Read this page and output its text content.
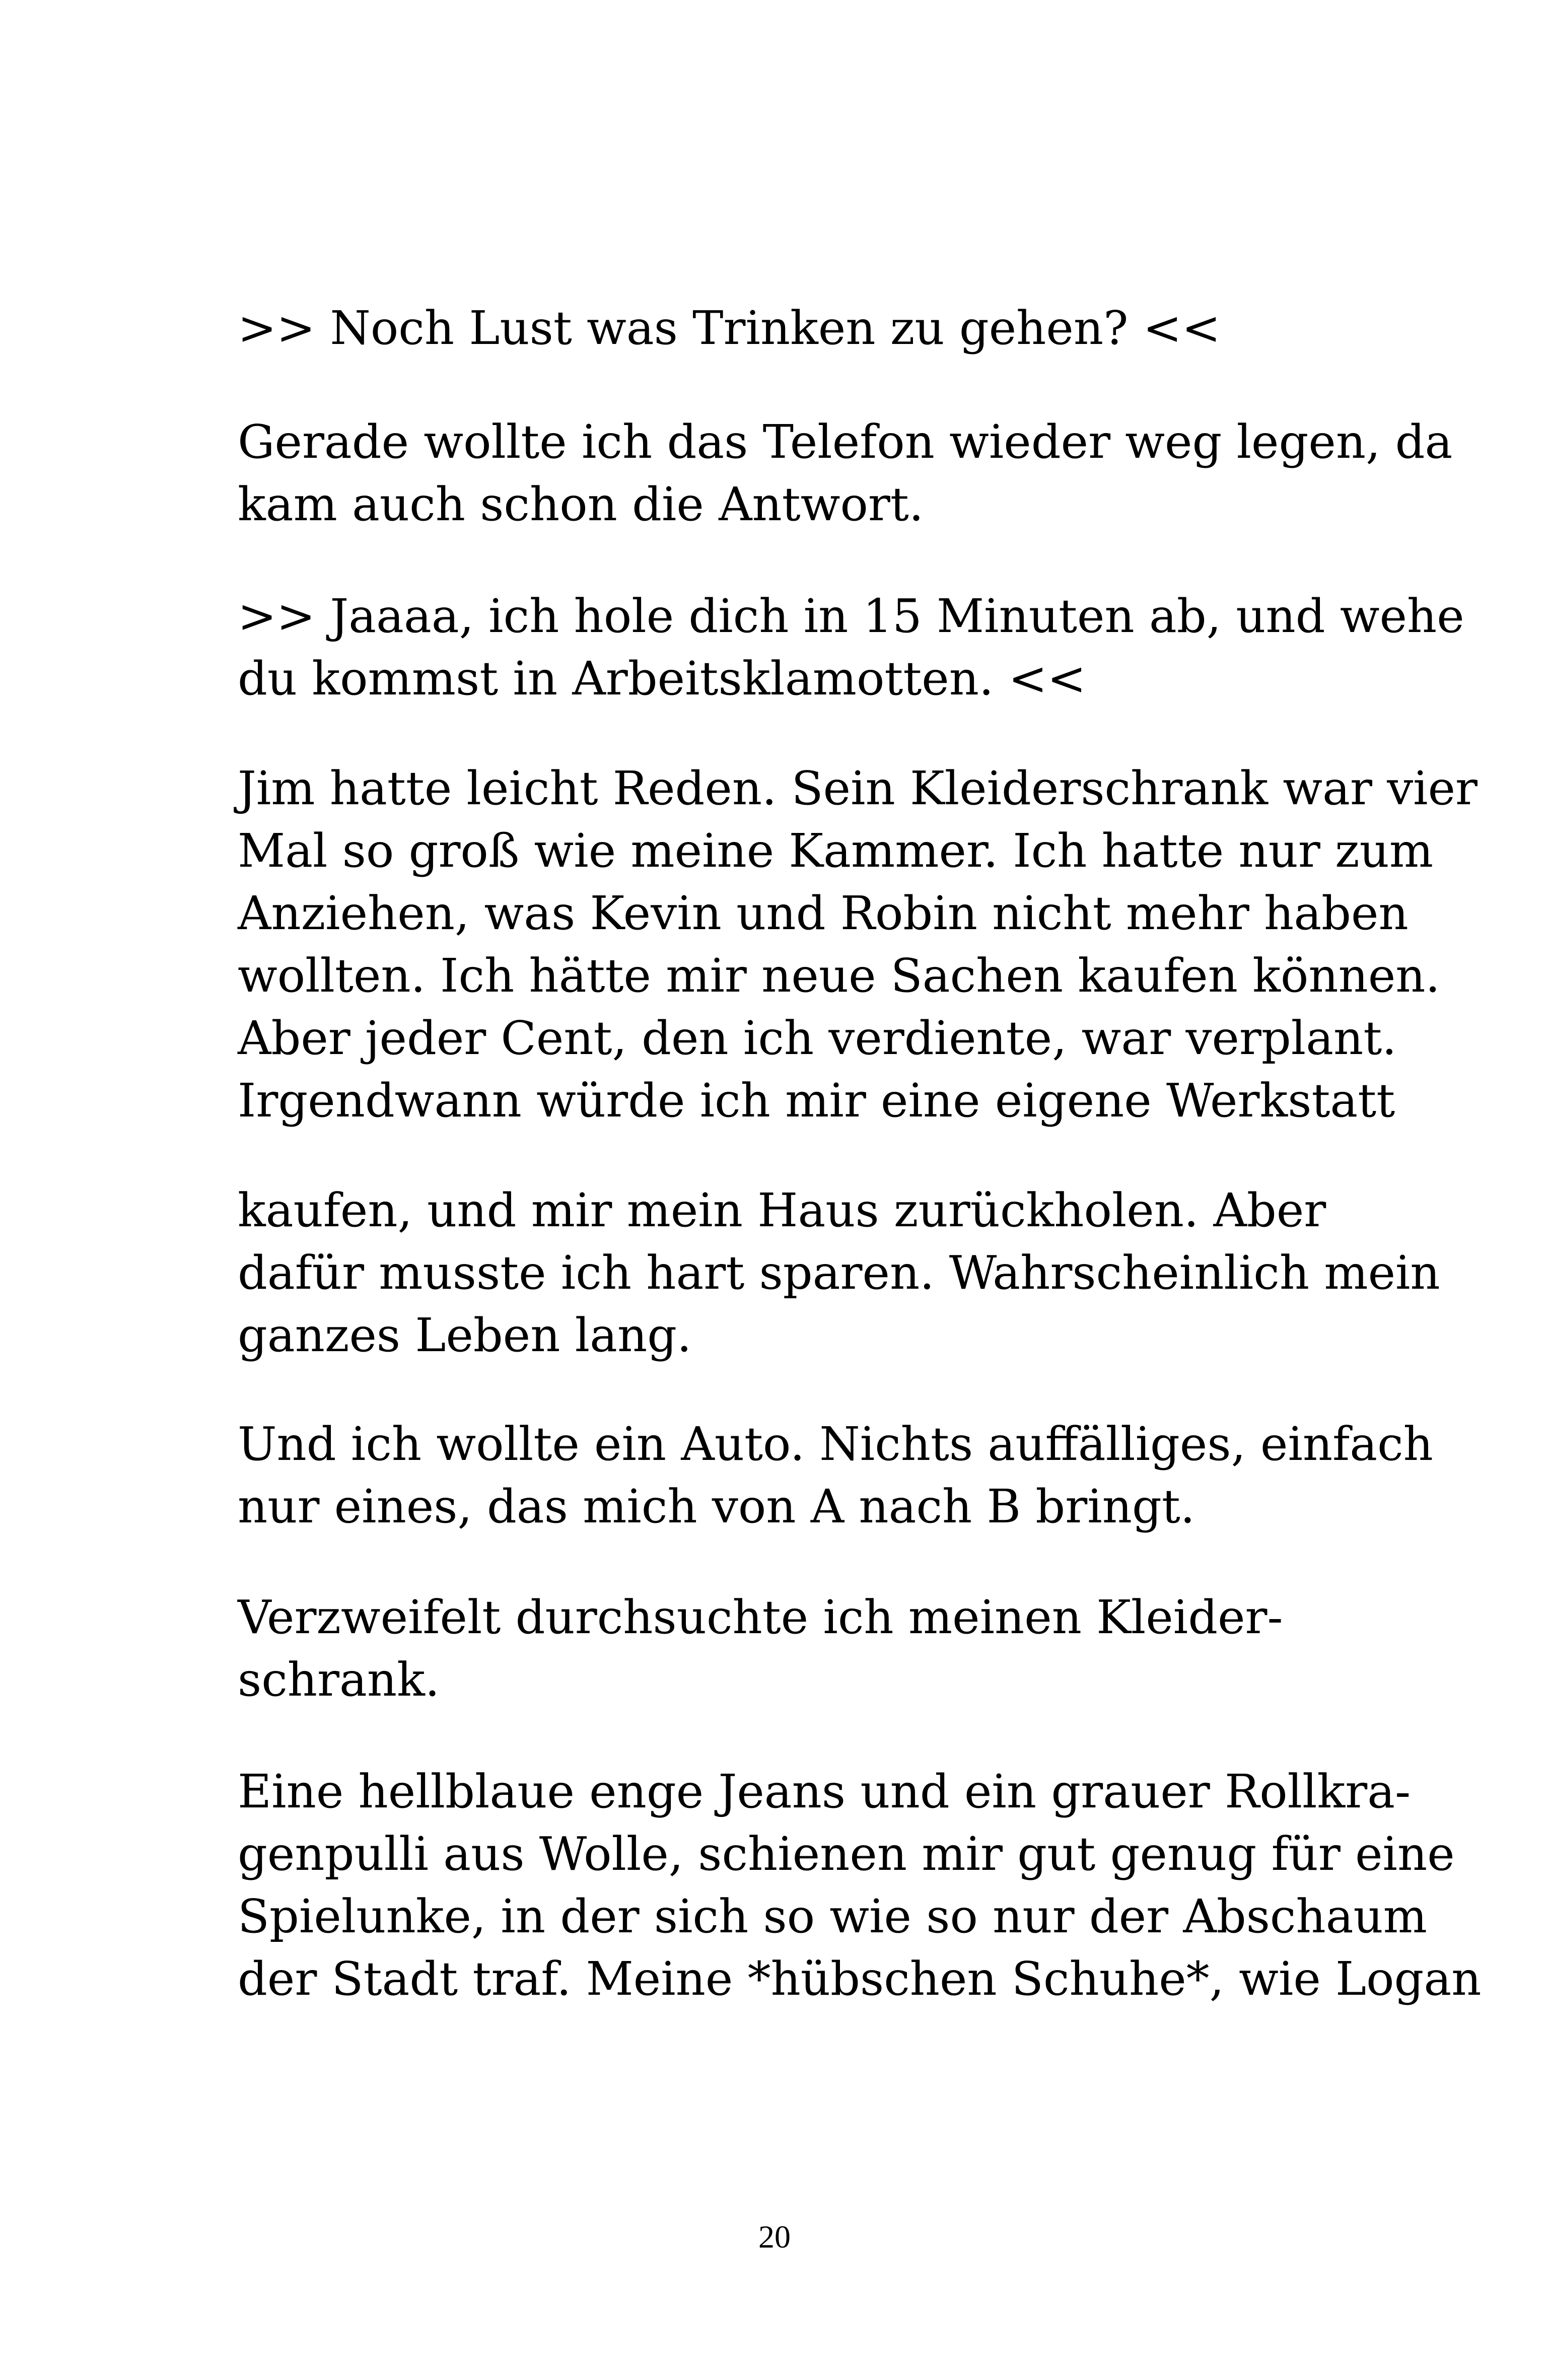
>> Noch Lust was Trinken zu gehen? <<

Gerade wollte ich das Telefon wieder weg legen, da
kam auch schon die Antwort.

>> Jaaaa, ich hole dich in 15 Minuten ab, und wehe
du kommst in Arbeitsklamotten. <<

Jim hatte leicht Reden. Sein Kleiderschrank war vier
Mal so groß wie meine Kammer. Ich hatte nur zum
Anziehen, was Kevin und Robin nicht mehr haben
wollten. Ich hätte mir neue Sachen kaufen können.
Aber jeder Cent, den ich verdiente, war verplant.
Irgendwann würde ich mir eine eigene Werkstatt

kaufen, und mir mein Haus zurückholen. Aber
dafür musste ich hart sparen. Wahrscheinlich mein
ganzes Leben lang.

Und ich wollte ein Auto. Nichts auffälliges, einfach
nur eines, das mich von A nach B bringt.

Verzweifelt durchsuchte ich meinen Kleider-
schrank.

Eine hellblaue enge Jeans und ein grauer Rollkra-
genpulli aus Wolle, schienen mir gut genug für eine
Spielunke, in der sich so wie so nur der Abschaum
der Stadt traf. Meine *hübschen Schuhe*, wie Logan

20
